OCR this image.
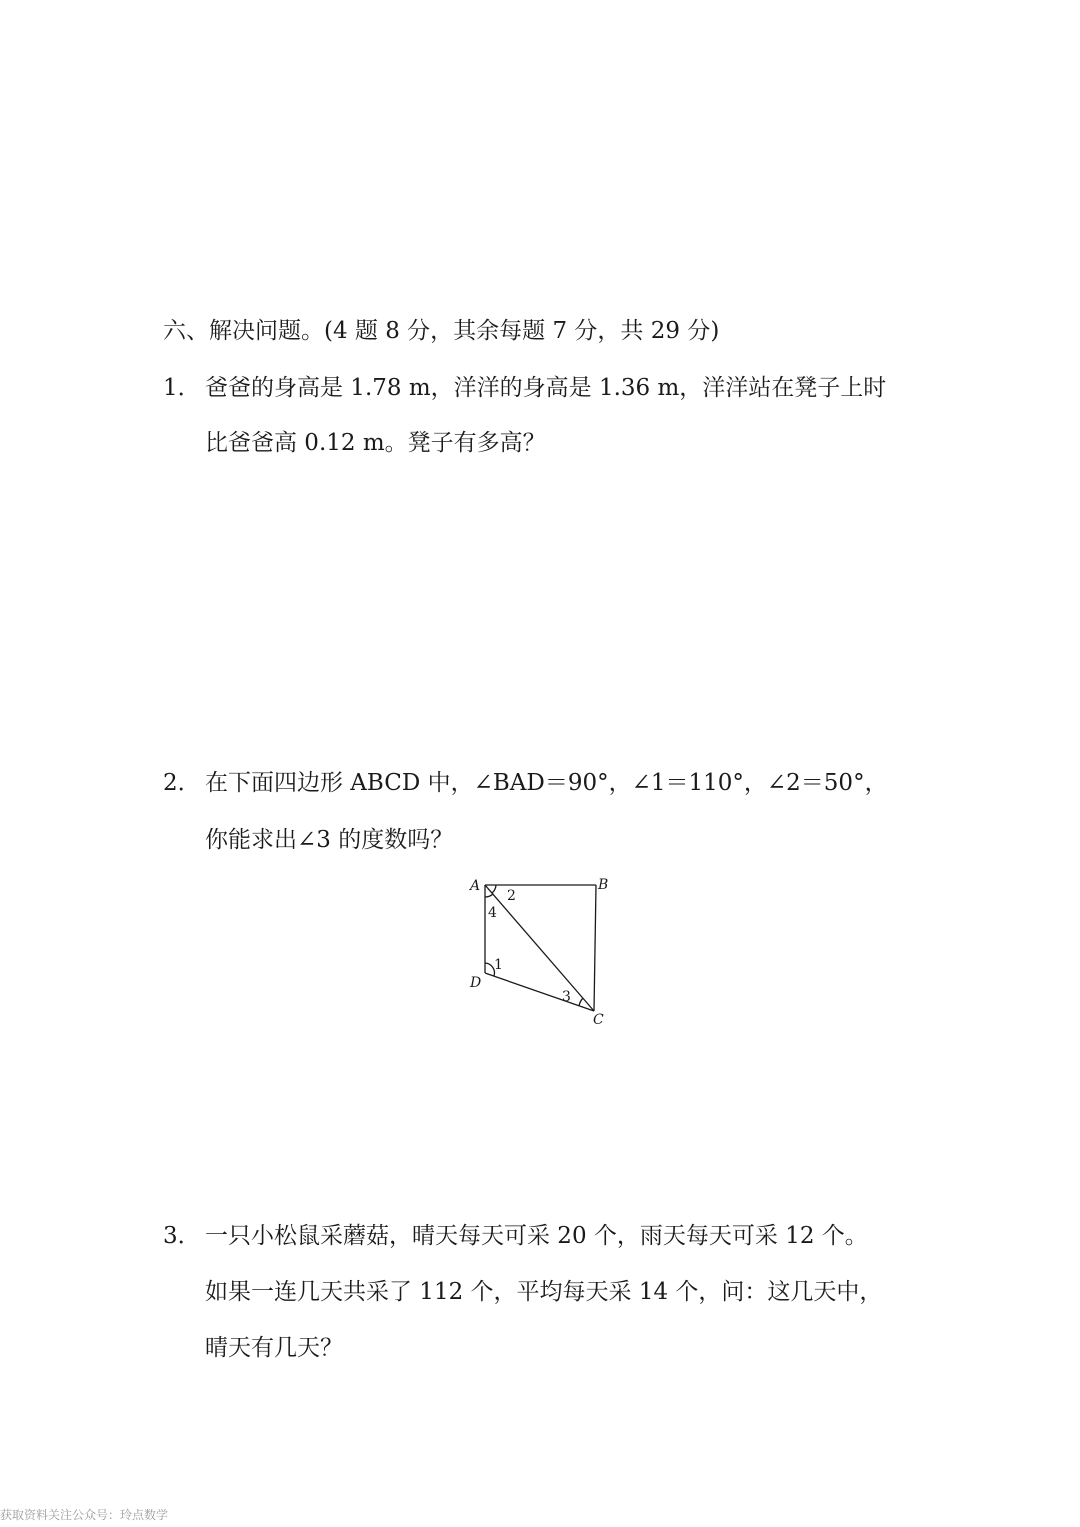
六、解决问题。(4 题 8 分，其余每题 7 分，共 29 分)
1． 爸爸的身高是 1.78 m，洋洋的身高是 1.36 m，洋洋站在凳子上时
比爸爸高 0.12 m。凳子有多高？
2． 在下面四边形 ABCD 中，∠BAD＝90°，∠1＝110°，∠2＝50°，
你能求出∠3 的度数吗？
A	B
C
D
2
4
1
3
3． 一只小松鼠采蘑菇，晴天每天可采 20 个，雨天每天可采 12 个。
如果一连几天共采了 112 个，平均每天采 14 个，问：这几天中，
晴天有几天？
获取资料关注公众号：玲点数学
